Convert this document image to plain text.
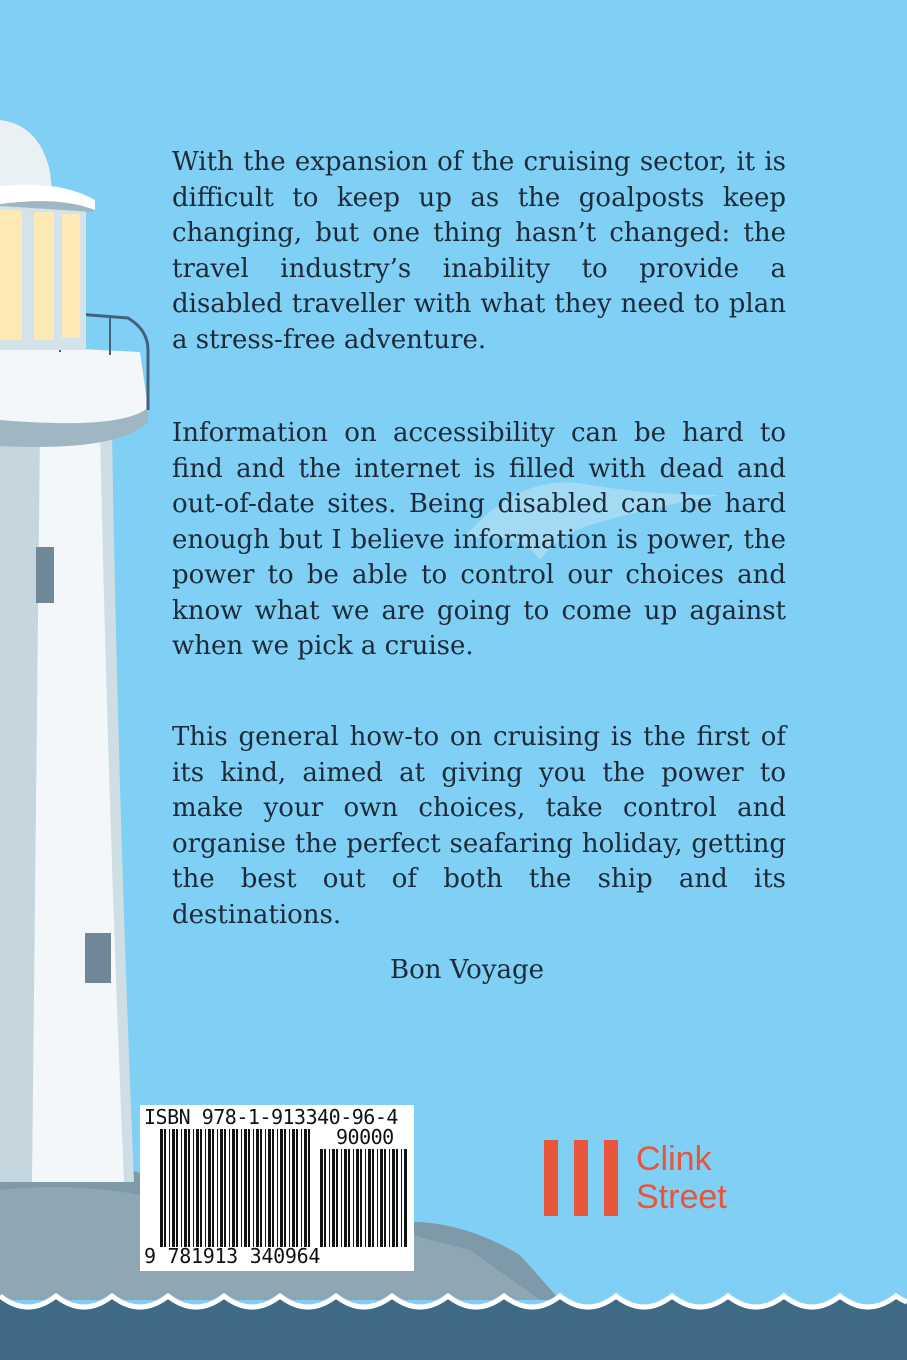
With the expansion of the cruising sector, it is difficult to keep up as the goalposts keep changing, but one thing hasn’t changed: the travel industry’s inability to provide a disabled traveller with what they need to plan a stress-free adventure.

Information on accessibility can be hard to find and the internet is filled with dead and out-of-date sites. Being disabled can be hard enough but I believe information is power, the power to be able to control our choices and know what we are going to come up against when we pick a cruise.

This general how-to on cruising is the first of its kind, aimed at giving you the power to make your own choices, take control and organise the perfect seafaring holiday, getting the best out of both the ship and its destinations.

Bon Voyage

ISBN 978-1-913340-96-4
90000
9 781913 340964
Clink
Street
